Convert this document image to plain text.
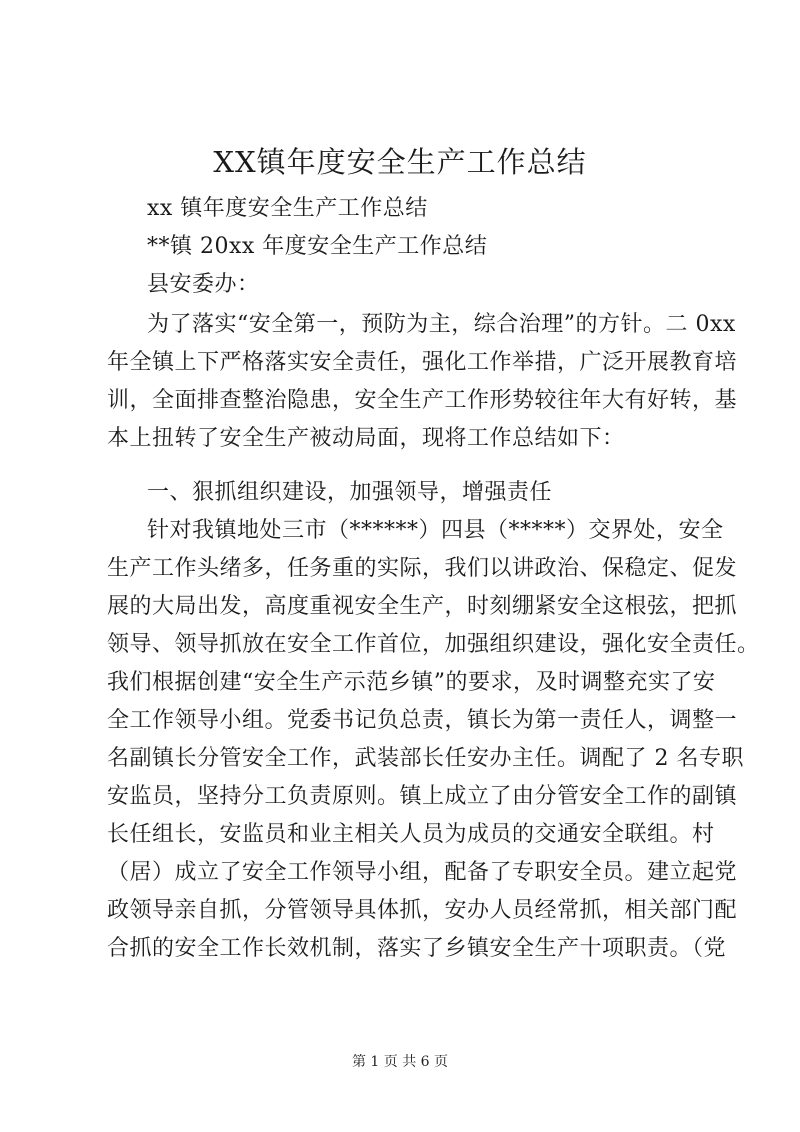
XX镇年度安全生产工作总结
xx 镇年度安全生产工作总结
**镇 20xx 年度安全生产工作总结
县安委办：
为了落实“安全第一，预防为主，综合治理”的方针。二 0xx
年全镇上下严格落实安全责任，强化工作举措，广泛开展教育培
训，全面排查整治隐患，安全生产工作形势较往年大有好转，基
本上扭转了安全生产被动局面，现将工作总结如下：
一、狠抓组织建设，加强领导，增强责任
针对我镇地处三市（******）四县（*****）交界处，安全
生产工作头绪多，任务重的实际，我们以讲政治、保稳定、促发
展的大局出发，高度重视安全生产，时刻绷紧安全这根弦，把抓
领导、领导抓放在安全工作首位，加强组织建设，强化安全责任。
我们根据创建“安全生产示范乡镇”的要求，及时调整充实了安
全工作领导小组。党委书记负总责，镇长为第一责任人，调整一
名副镇长分管安全工作，武装部长任安办主任。调配了 2 名专职
安监员，坚持分工负责原则。镇上成立了由分管安全工作的副镇
长任组长，安监员和业主相关人员为成员的交通安全联组。村
（居）成立了安全工作领导小组，配备了专职安全员。建立起党
政领导亲自抓，分管领导具体抓，安办人员经常抓，相关部门配
合抓的安全工作长效机制，落实了乡镇安全生产十项职责。（党
第 1 页 共 6 页
